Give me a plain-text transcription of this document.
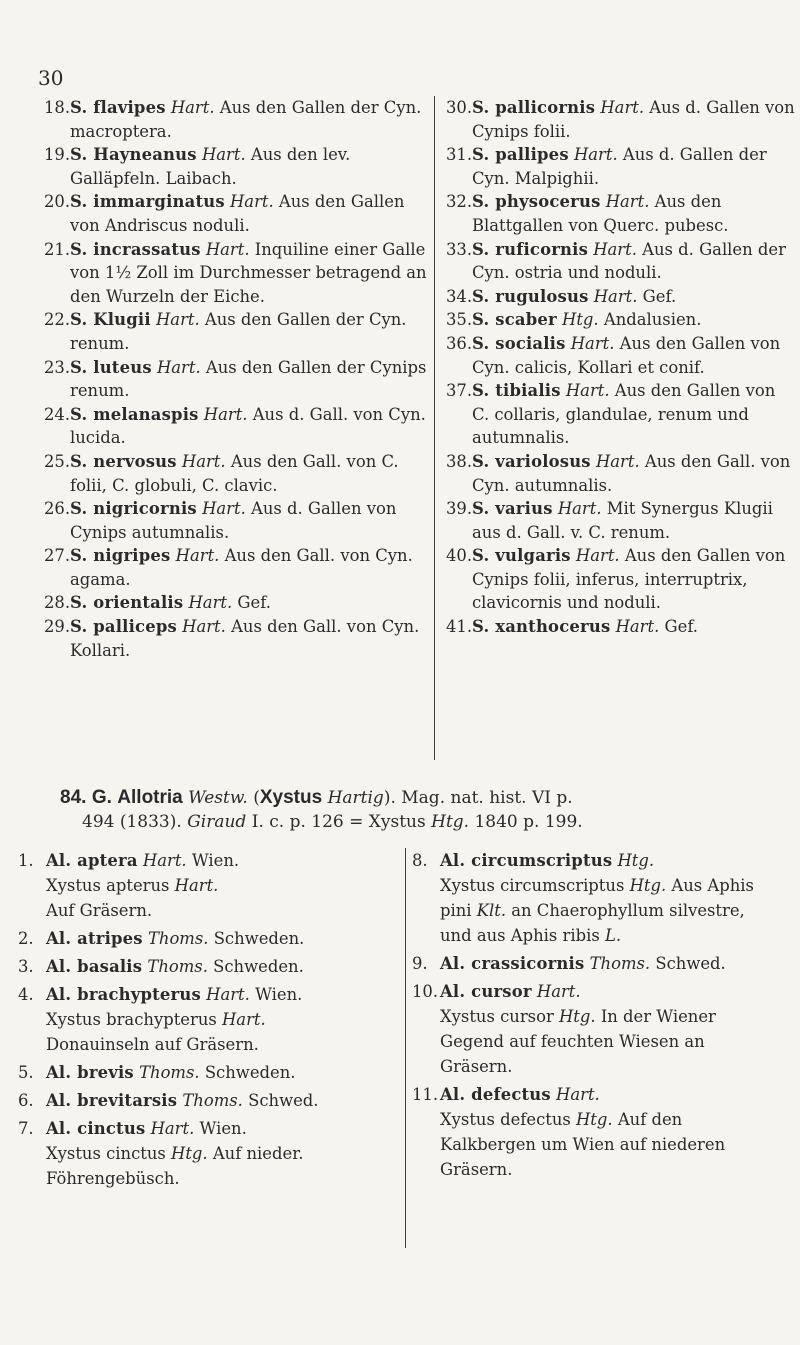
30
18. S. flavipes Hart. Aus den Gallen der Cyn. macroptera.
19. S. Hayneanus Hart. Aus den lev. Galläpfeln. Laibach.
20. S. immarginatus Hart. Aus den Gallen von Andriscus noduli.
21. S. incrassatus Hart. Inquiline einer Galle von 1½ Zoll im Durchmesser betragend an den Wurzeln der Eiche.
22. S. Klugii Hart. Aus den Gallen der Cyn. renum.
23. S. luteus Hart. Aus den Gallen der Cynips renum.
24. S. melanaspis Hart. Aus d. Gall. von Cyn. lucida.
25. S. nervosus Hart. Aus den Gall. von C. folii, C. globuli, C. clavic.
26. S. nigricornis Hart. Aus d. Gallen von Cynips autumnalis.
27. S. nigripes Hart. Aus den Gall. von Cyn. agama.
28. S. orientalis Hart. Gef.
29. S. palliceps Hart. Aus den Gall. von Cyn. Kollari.
30. S. pallicornis Hart. Aus d. Gallen von Cynips folii.
31. S. pallipes Hart. Aus d. Gallen der Cyn. Malpighii.
32. S. physocerus Hart. Aus den Blattgallen von Querc. pubesc.
33. S. ruficornis Hart. Aus d. Gallen der Cyn. ostria und noduli.
34. S. rugulosus Hart. Gef.
35. S. scaber Htg. Andalusien.
36. S. socialis Hart. Aus den Gallen von Cyn. calicis, Kollari et conif.
37. S. tibialis Hart. Aus den Gallen von C. collaris, glandulae, renum und autumnalis.
38. S. variolosus Hart. Aus den Gall. von Cyn. autumnalis.
39. S. varius Hart. Mit Synergus Klugii aus d. Gall. v. C. renum.
40. S. vulgaris Hart. Aus den Gallen von Cynips folii, inferus, interruptrix, clavicornis und noduli.
41. S. xanthocerus Hart. Gef.
84. G. Allotria Westw. (Xystus Hartig). Mag. nat. hist. VI p.
494 (1833). Giraud I. c. p. 126 = Xystus Htg. 1840 p. 199.
1. Al. aptera Hart. Wien.
Xystus apterus Hart.
Auf Gräsern.
2. Al. atripes Thoms. Schweden.
3. Al. basalis Thoms. Schweden.
4. Al. brachypterus Hart. Wien.
Xystus brachypterus Hart.
Donauinseln auf Gräsern.
5. Al. brevis Thoms. Schweden.
6. Al. brevitarsis Thoms. Schwed.
7. Al. cinctus Hart. Wien.
Xystus cinctus Htg. Auf nieder. Föhrengebüsch.
8. Al. circumscriptus Htg.
Xystus circumscriptus Htg. Aus Aphis pini Klt. an Chaerophyllum silvestre, und aus Aphis ribis L.
9. Al. crassicornis Thoms. Schwed.
10. Al. cursor Hart.
Xystus cursor Htg. In der Wiener Gegend auf feuchten Wiesen an Gräsern.
11. Al. defectus Hart.
Xystus defectus Htg. Auf den Kalkbergen um Wien auf niederen Gräsern.
